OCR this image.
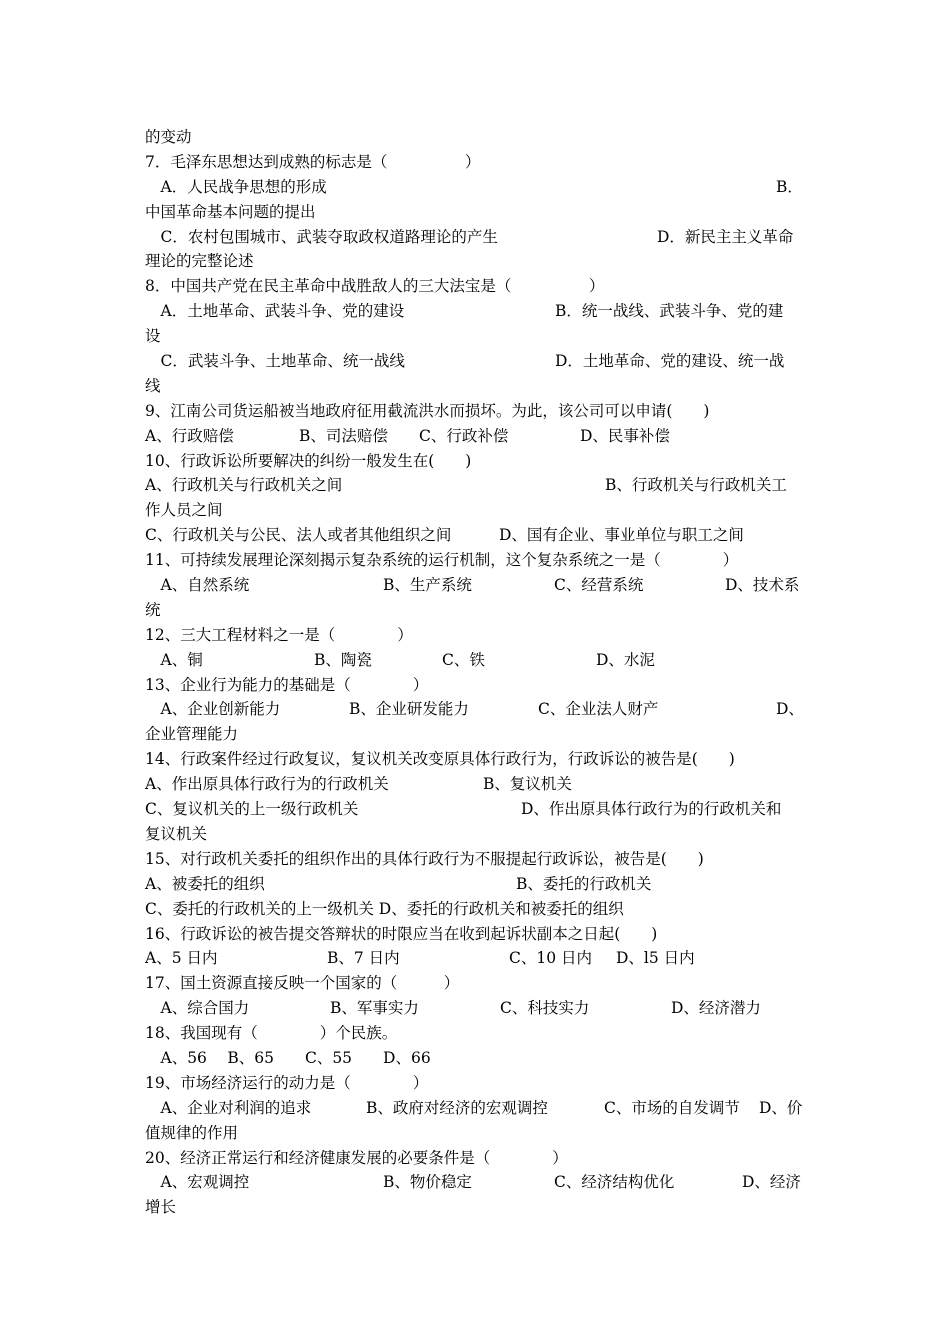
的变动
7．毛泽东思想达到成熟的标志是（　　　　　）
　A．人民战争思想的形成	B．
中国革命基本问题的提出
　C．农村包围城市、武装夺取政权道路理论的产生	D．新民主主义革命
理论的完整论述
8．中国共产党在民主革命中战胜敌人的三大法宝是（　　　　　）
　A．土地革命、武装斗争、党的建设	B．统一战线、武装斗争、党的建
设
　C．武装斗争、土地革命、统一战线	D．土地革命、党的建设、统一战
线
9、江南公司货运船被当地政府征用截流洪水而损坏。为此，该公司可以申请(　　)
A、行政赔偿	B、司法赔偿 C、行政补偿	D、民事补偿
10、行政诉讼所要解决的纠纷一般发生在(　　)
A、行政机关与行政机关之间	B、行政机关与行政机关工
作人员之间
C、行政机关与公民、法人或者其他组织之间	D、国有企业、事业单位与职工之间
11、可持续发展理论深刻揭示复杂系统的运行机制，这个复杂系统之一是（　　　　）
　A、自然系统	B、生产系统	C、经营系统	D、技术系
统
12、三大工程材料之一是（　　　　）
　A、铜	B、陶瓷	C、铁	D、水泥
13、企业行为能力的基础是（　　　　）
　A、企业创新能力	B、企业研发能力	C、企业法人财产	D、
企业管理能力
14、行政案件经过行政复议，复议机关改变原具体行政行为，行政诉讼的被告是(　　)
A、作出原具体行政行为的行政机关	B、复议机关
C、复议机关的上一级行政机关	D、作出原具体行政行为的行政机关和
复议机关
15、对行政机关委托的组织作出的具体行政行为不服提起行政诉讼，被告是(　　)
A、被委托的组织	B、委托的行政机关
C、委托的行政机关的上一级机关 D、委托的行政机关和被委托的组织
16、行政诉讼的被告提交答辩状的时限应当在收到起诉状副本之日起(　　)
A、5 日内	B、7 日内	C、10 日内 D、l5 日内
17、国土资源直接反映一个国家的（　　　）
　A、综合国力	B、军事实力	C、科技实力	D、经济潜力
18、我国现有（　　　　）个民族。
　A、56　 B、65　　C、55　　D、66
19、市场经济运行的动力是（　　　　）
　A、企业对利润的追求	B、政府对经济的宏观调控	C、市场的自发调节 D、价
值规律的作用
20、经济正常运行和经济健康发展的必要条件是（　　　　）
　A、宏观调控	B、物价稳定	C、经济结构优化	D、经济
增长
